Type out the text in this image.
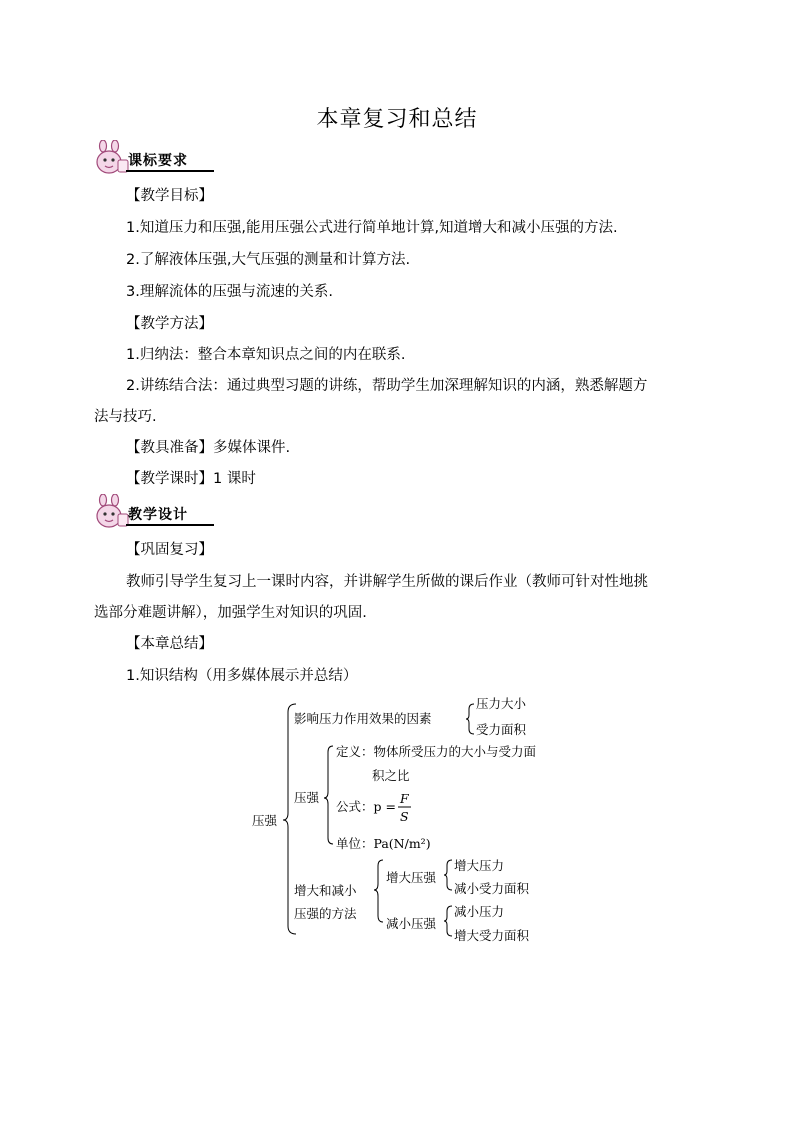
本章复习和总结
课标要求
【教学目标】
1.知道压力和压强,能用压强公式进行简单地计算,知道增大和减小压强的方法.
2.了解液体压强,大气压强的测量和计算方法.
3.理解流体的压强与流速的关系.
【教学方法】
1.归纳法：整合本章知识点之间的内在联系.
2.讲练结合法：通过典型习题的讲练，帮助学生加深理解知识的内涵，熟悉解题方
法与技巧.
【教具准备】多媒体课件.
【教学课时】1 课时
教学设计
【巩固复习】
教师引导学生复习上一课时内容，并讲解学生所做的课后作业（教师可针对性地挑
选部分难题讲解），加强学生对知识的巩固.
【本章总结】
1.知识结构（用多媒体展示并总结）
压强
影响压力作用效果的因素
压力大小
受力面积
压强
定义：物体所受压力的大小与受力面
积之比
公式：p =
F
S
单位：Pa(N/m²)
增大和减小
压强的方法
增大压强
增大压力
减小受力面积
减小压强
减小压力
增大受力面积
